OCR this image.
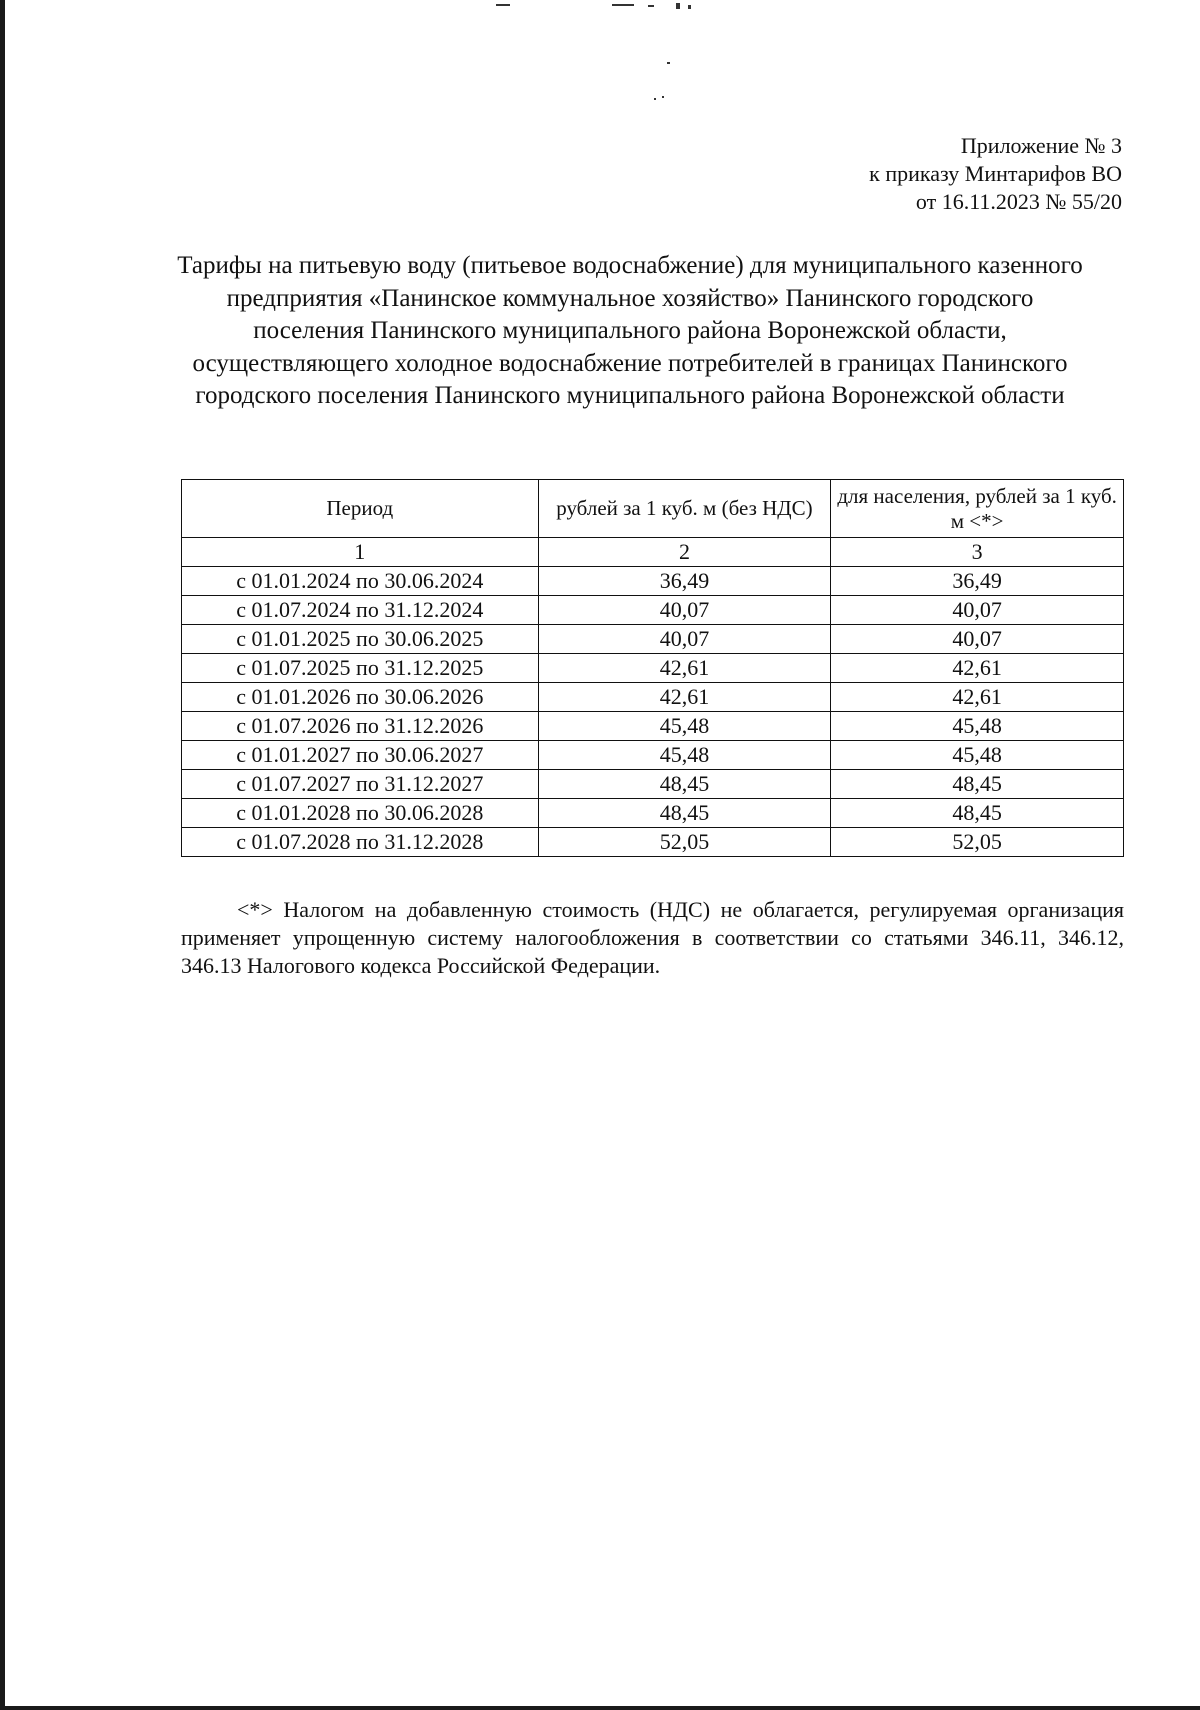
Приложение № 3
к приказу Минтарифов ВО
от 16.11.2023 № 55/20
Тарифы на питьевую воду (питьевое водоснабжение) для муниципального казенного предприятия «Панинское коммунальное хозяйство» Панинского городского поселения Панинского муниципального района Воронежской области, осуществляющего холодное водоснабжение потребителей в границах Панинского городского поселения Панинского муниципального района Воронежской области
Период	рублей за 1 куб. м (без НДС)	для населения, рублей за 1 куб. м <*>
1	2	3
с 01.01.2024 по 30.06.2024	36,49	36,49
с 01.07.2024 по 31.12.2024	40,07	40,07
с 01.01.2025 по 30.06.2025	40,07	40,07
с 01.07.2025 по 31.12.2025	42,61	42,61
с 01.01.2026 по 30.06.2026	42,61	42,61
с 01.07.2026 по 31.12.2026	45,48	45,48
с 01.01.2027 по 30.06.2027	45,48	45,48
с 01.07.2027 по 31.12.2027	48,45	48,45
с 01.01.2028 по 30.06.2028	48,45	48,45
с 01.07.2028 по 31.12.2028	52,05	52,05

<*> Налогом на добавленную стоимость (НДС) не облагается, регулируемая организация применяет упрощенную систему налогообложения в соответствии со статьями 346.11, 346.12, 346.13 Налогового кодекса Российской Федерации.
